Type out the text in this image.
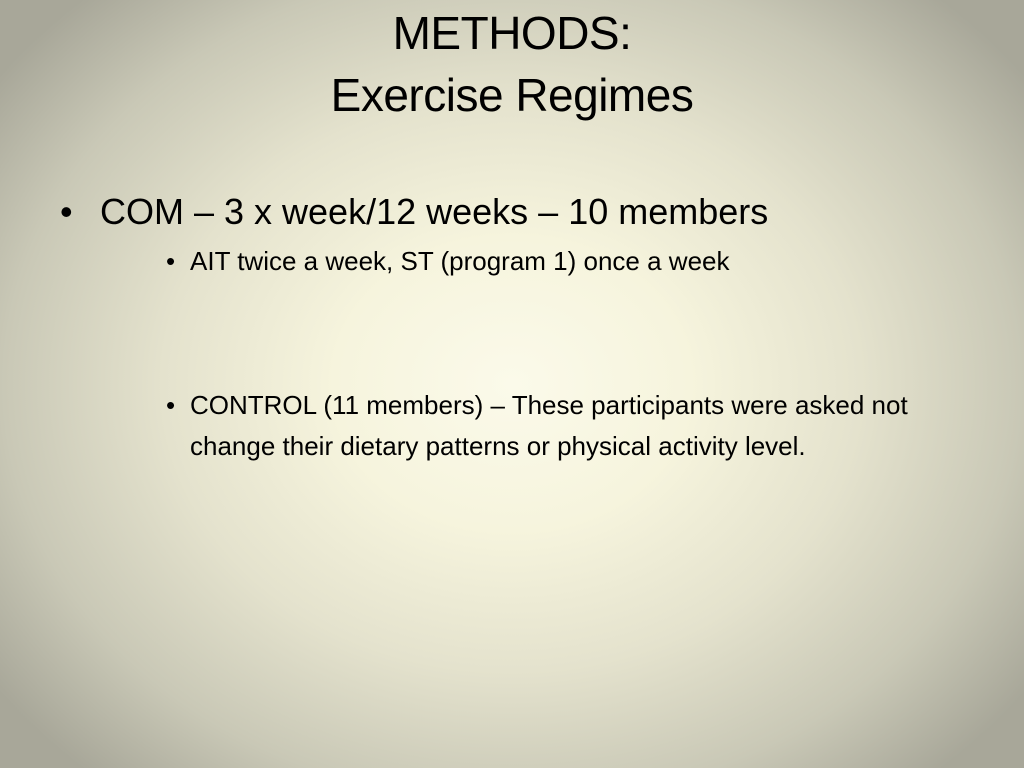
METHODS:
Exercise Regimes
• COM – 3 x week/12 weeks – 10 members
• AIT twice a week, ST (program 1) once a week
• CONTROL (11 members) – These participants were asked not change their dietary patterns or physical activity level.
